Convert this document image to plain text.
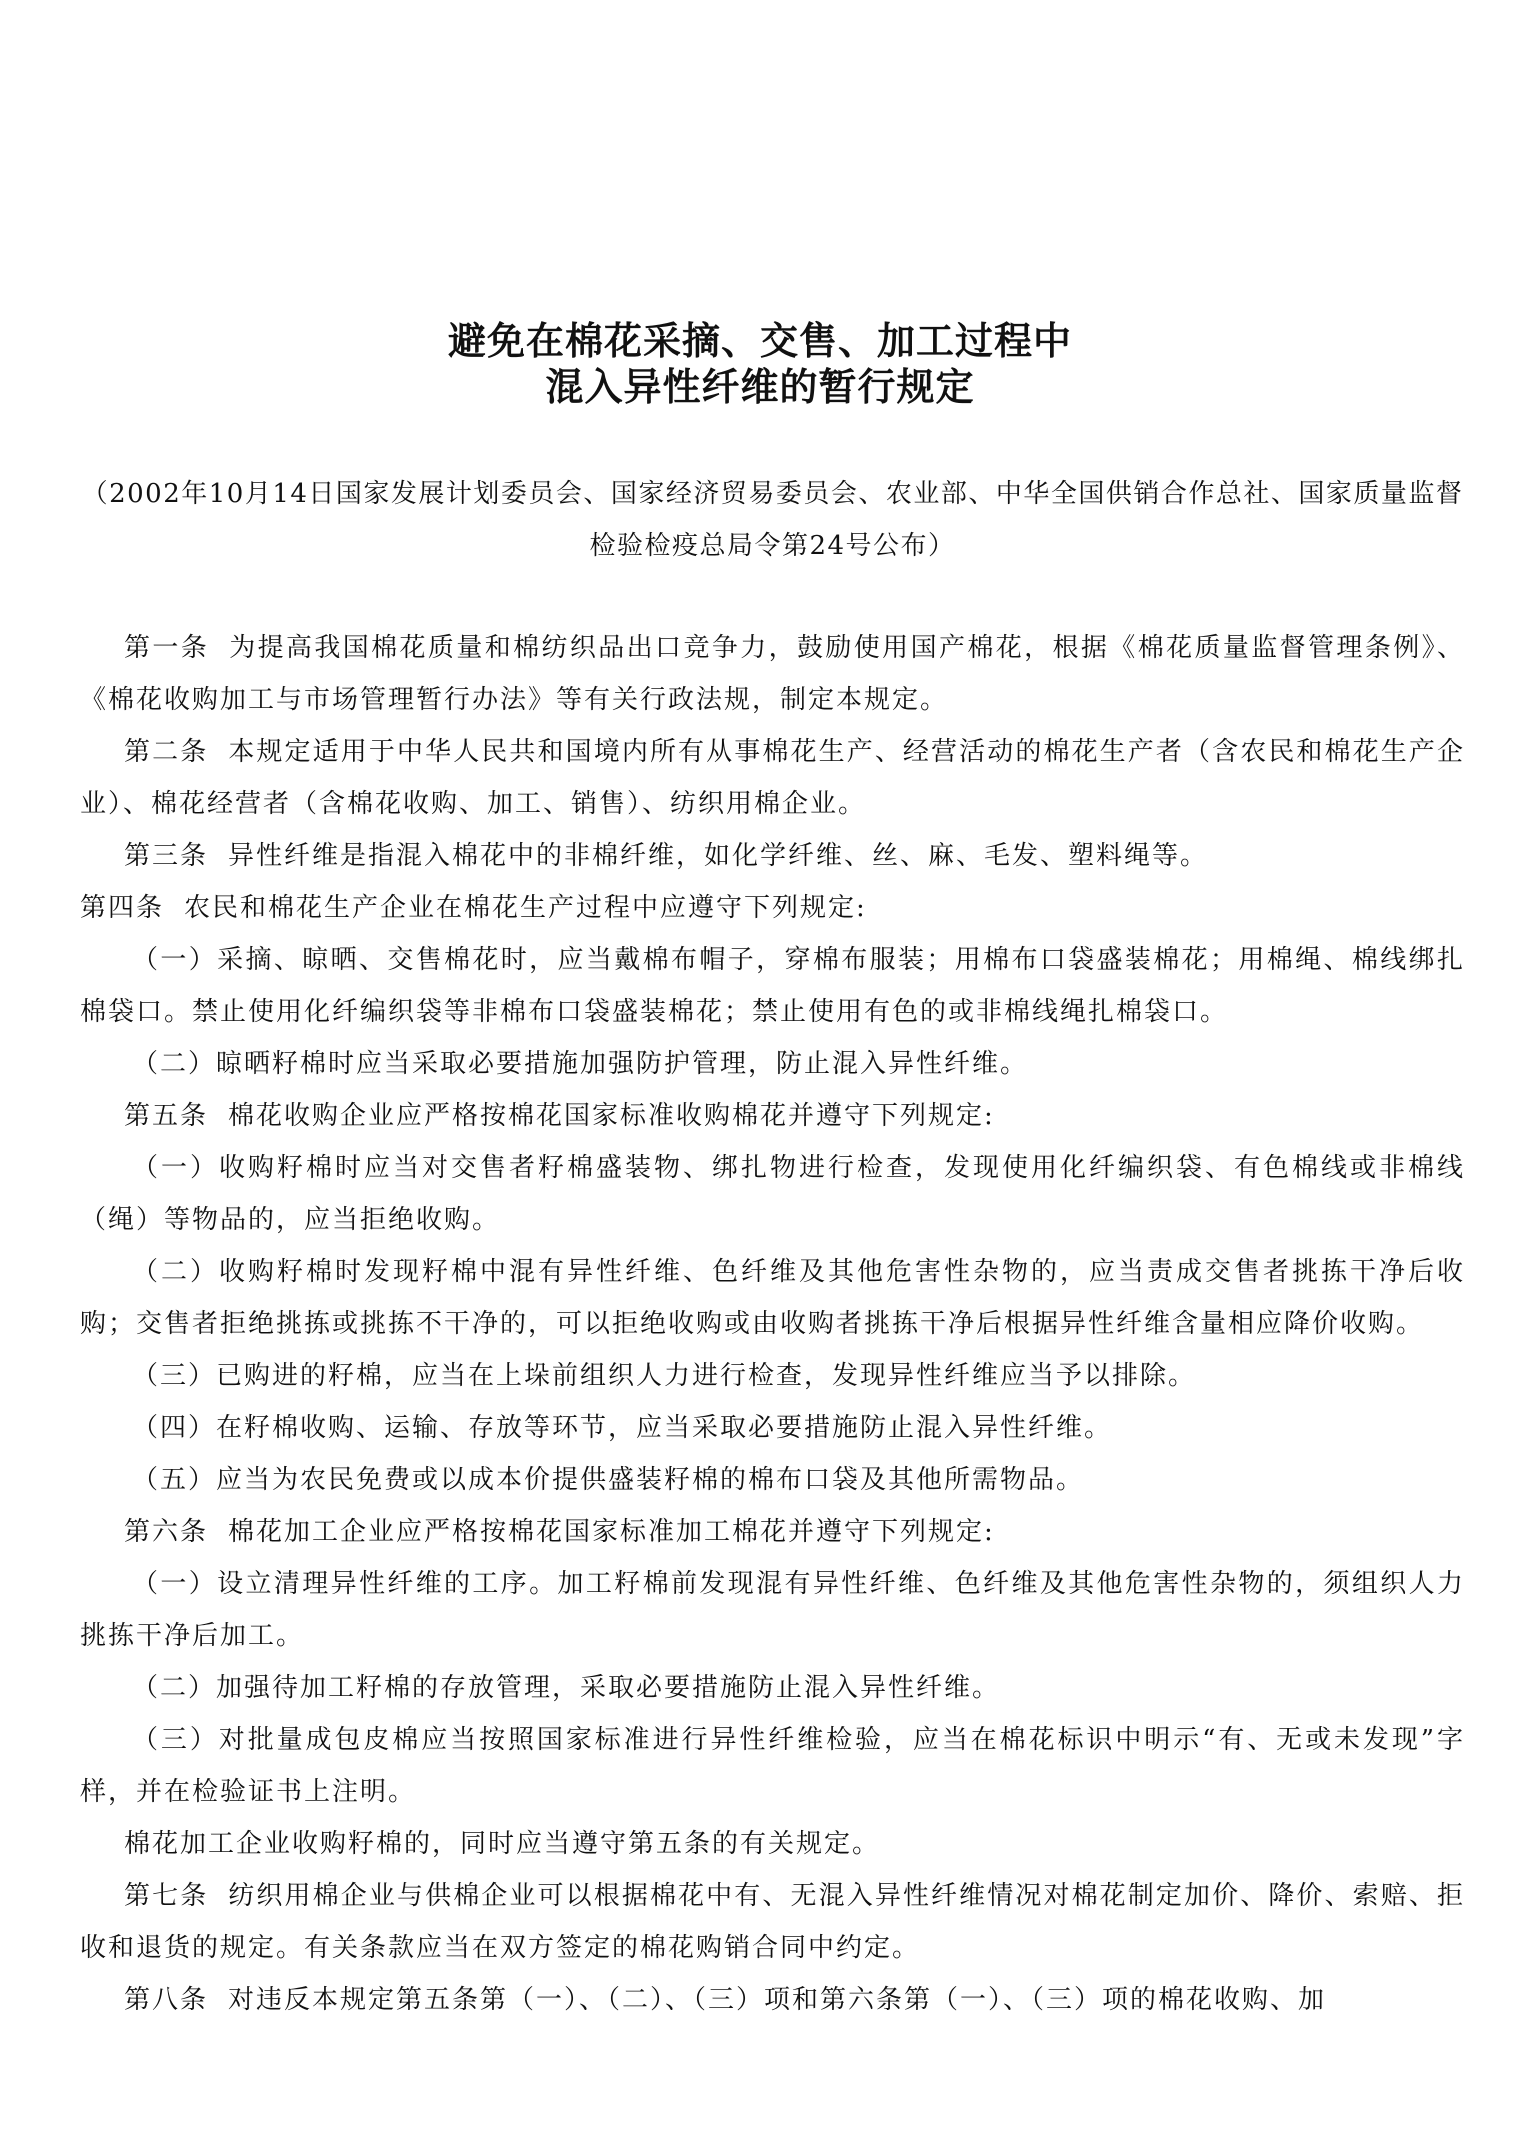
避免在棉花采摘、交售、加工过程中
混入异性纤维的暂行规定
（2002年10月14日国家发展计划委员会、国家经济贸易委员会、农业部、中华全国供销合作总社、国家质量监督检验检疫总局令第24号公布）

第一条 为提高我国棉花质量和棉纺织品出口竞争力，鼓励使用国产棉花，根据《棉花质量监督管理条例》、《棉花收购加工与市场管理暂行办法》等有关行政法规，制定本规定。

第二条 本规定适用于中华人民共和国境内所有从事棉花生产、经营活动的棉花生产者（含农民和棉花生产企业）、棉花经营者（含棉花收购、加工、销售）、纺织用棉企业。

第三条 异性纤维是指混入棉花中的非棉纤维，如化学纤维、丝、麻、毛发、塑料绳等。

第四条 农民和棉花生产企业在棉花生产过程中应遵守下列规定:

（一）采摘、晾晒、交售棉花时，应当戴棉布帽子，穿棉布服装；用棉布口袋盛装棉花；用棉绳、棉线绑扎棉袋口。禁止使用化纤编织袋等非棉布口袋盛装棉花；禁止使用有色的或非棉线绳扎棉袋口。

（二）晾晒籽棉时应当采取必要措施加强防护管理，防止混入异性纤维。

第五条 棉花收购企业应严格按棉花国家标准收购棉花并遵守下列规定:

（一）收购籽棉时应当对交售者籽棉盛装物、绑扎物进行检查，发现使用化纤编织袋、有色棉线或非棉线（绳）等物品的，应当拒绝收购。

（二）收购籽棉时发现籽棉中混有异性纤维、色纤维及其他危害性杂物的，应当责成交售者挑拣干净后收购；交售者拒绝挑拣或挑拣不干净的，可以拒绝收购或由收购者挑拣干净后根据异性纤维含量相应降价收购。

（三）已购进的籽棉，应当在上垛前组织人力进行检查，发现异性纤维应当予以排除。

（四）在籽棉收购、运输、存放等环节，应当采取必要措施防止混入异性纤维。

（五）应当为农民免费或以成本价提供盛装籽棉的棉布口袋及其他所需物品。

第六条 棉花加工企业应严格按棉花国家标准加工棉花并遵守下列规定:

（一）设立清理异性纤维的工序。加工籽棉前发现混有异性纤维、色纤维及其他危害性杂物的，须组织人力挑拣干净后加工。

（二）加强待加工籽棉的存放管理，采取必要措施防止混入异性纤维。

（三）对批量成包皮棉应当按照国家标准进行异性纤维检验，应当在棉花标识中明示“有、无或未发现”字样，并在检验证书上注明。

棉花加工企业收购籽棉的，同时应当遵守第五条的有关规定。

第七条 纺织用棉企业与供棉企业可以根据棉花中有、无混入异性纤维情况对棉花制定加价、降价、索赔、拒收和退货的规定。有关条款应当在双方签定的棉花购销合同中约定。

第八条 对违反本规定第五条第（一）、（二）、（三）项和第六条第（一）、（三）项的棉花收购、加
